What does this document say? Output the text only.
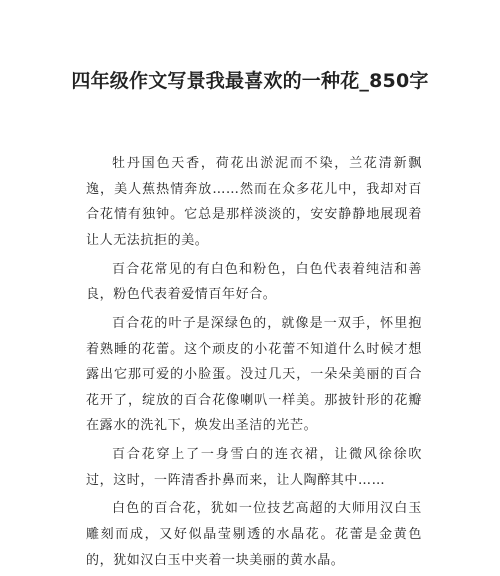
四年级作文写景我最喜欢的一种花_850字

牡丹国色天香，荷花出淤泥而不染，兰花清新飘逸，美人蕉热情奔放……然而在众多花儿中，我却对百合花情有独钟。它总是那样淡淡的，安安静静地展现着让人无法抗拒的美。

百合花常见的有白色和粉色，白色代表着纯洁和善良，粉色代表着爱情百年好合。

百合花的叶子是深绿色的，就像是一双手，怀里抱着熟睡的花蕾。这个顽皮的小花蕾不知道什么时候才想露出它那可爱的小脸蛋。没过几天，一朵朵美丽的百合花开了，绽放的百合花像喇叭一样美。那披针形的花瓣在露水的洗礼下，焕发出圣洁的光芒。

百合花穿上了一身雪白的连衣裙，让微风徐徐吹过，这时，一阵清香扑鼻而来，让人陶醉其中……

白色的百合花，犹如一位技艺高超的大师用汉白玉雕刻而成，又好似晶莹剔透的水晶花。花蕾是金黄色的，犹如汉白玉中夹着一块美丽的黄水晶。
